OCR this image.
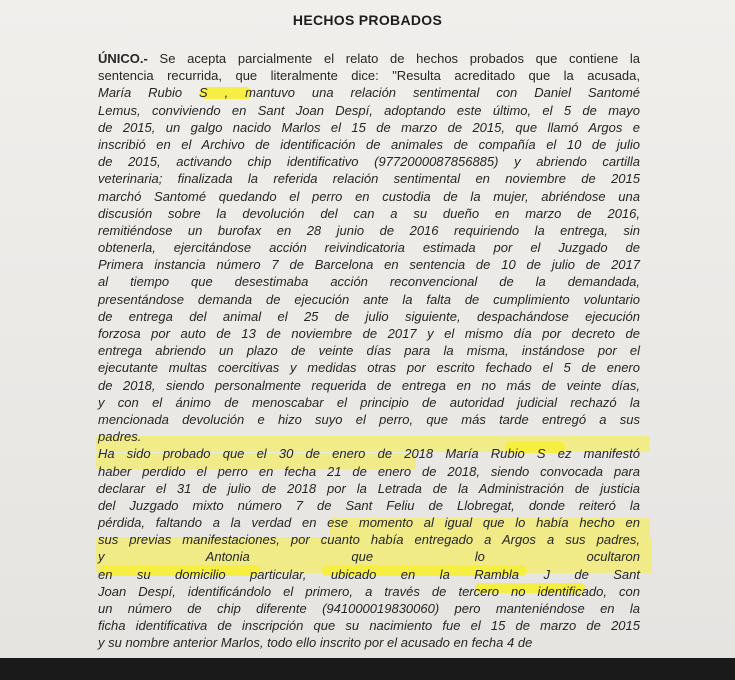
HECHOS PROBADOS
ÚNICO.- Se acepta parcialmente el relato de hechos probados que contiene la
sentencia recurrida, que literalmente dice: "Resulta acreditado que la acusada,
María Rubio S , mantuvo una relación sentimental con Daniel Santomé
Lemus, conviviendo en Sant Joan Despí, adoptando este último, el 5 de mayo
de 2015, un galgo nacido Marlos el 15 de marzo de 2015, que llamó Argos e
inscribió en el Archivo de identificación de animales de compañía el 10 de julio
de 2015, activando chip identificativo (977200008785​6885) y abriendo cartilla
veterinaria; finalizada la referida relación sentimental en noviembre de 2015
marchó Santomé quedando el perro en custodia de la mujer, abriéndose una
discusión sobre la devolución del can a su dueño en marzo de 2016,
remitiéndose un burofax en 28 junio de 2016 requiriendo la entrega, sin
obtenerla, ejercitándose acción reivindicatoria estimada por el Juzgado de
Primera instancia número 7 de Barcelona en sentencia de 10 de julio de 2017
al tiempo que desestimaba acción reconvencional de la demandada,
presentándose demanda de ejecución ante la falta de cumplimiento voluntario
de entrega del animal el 25 de julio siguiente, despachándose ejecución
forzosa por auto de 13 de noviembre de 2017 y el mismo día por decreto de
entrega abriendo un plazo de veinte días para la misma, instándose por el
ejecutante multas coercitivas y medidas otras por escrito fechado el 5 de enero
de 2018, siendo personalmente requerida de entrega en no más de veinte días,
y con el ánimo de menoscabar el principio de autoridad judicial rechazó la
mencionada devolución e hizo suyo el perro, que más tarde entregó a sus
padres.
Ha sido probado que el 30 de enero de 2018 María Rubio S ez manifestó
haber perdido el perro en fecha 21 de enero de 2018, siendo convocada para
declarar el 31 de julio de 2018 por la Letrada de la Administración de justicia
del Juzgado mixto número 7 de Sant Feliu de Llobregat, donde reiteró la
pérdida, faltando a la verdad en ese momento al igual que lo había hecho en
sus previas manifestaciones, por cuanto había entregado a Argos a sus padres,
y Antonia que lo ocultaron
en su domicilio particular, ubicado en la Rambla J de Sant
Joan Despí, identificándolo el primero, a través de tercero no identificado, con
un número de chip diferente (941000019830060) pero manteniéndose en la
ficha identificativa de inscripción que su nacimiento fue el 15 de marzo de 2015
y su nombre anterior Marlos, todo ello inscrito por el acusado en fecha 4 de
